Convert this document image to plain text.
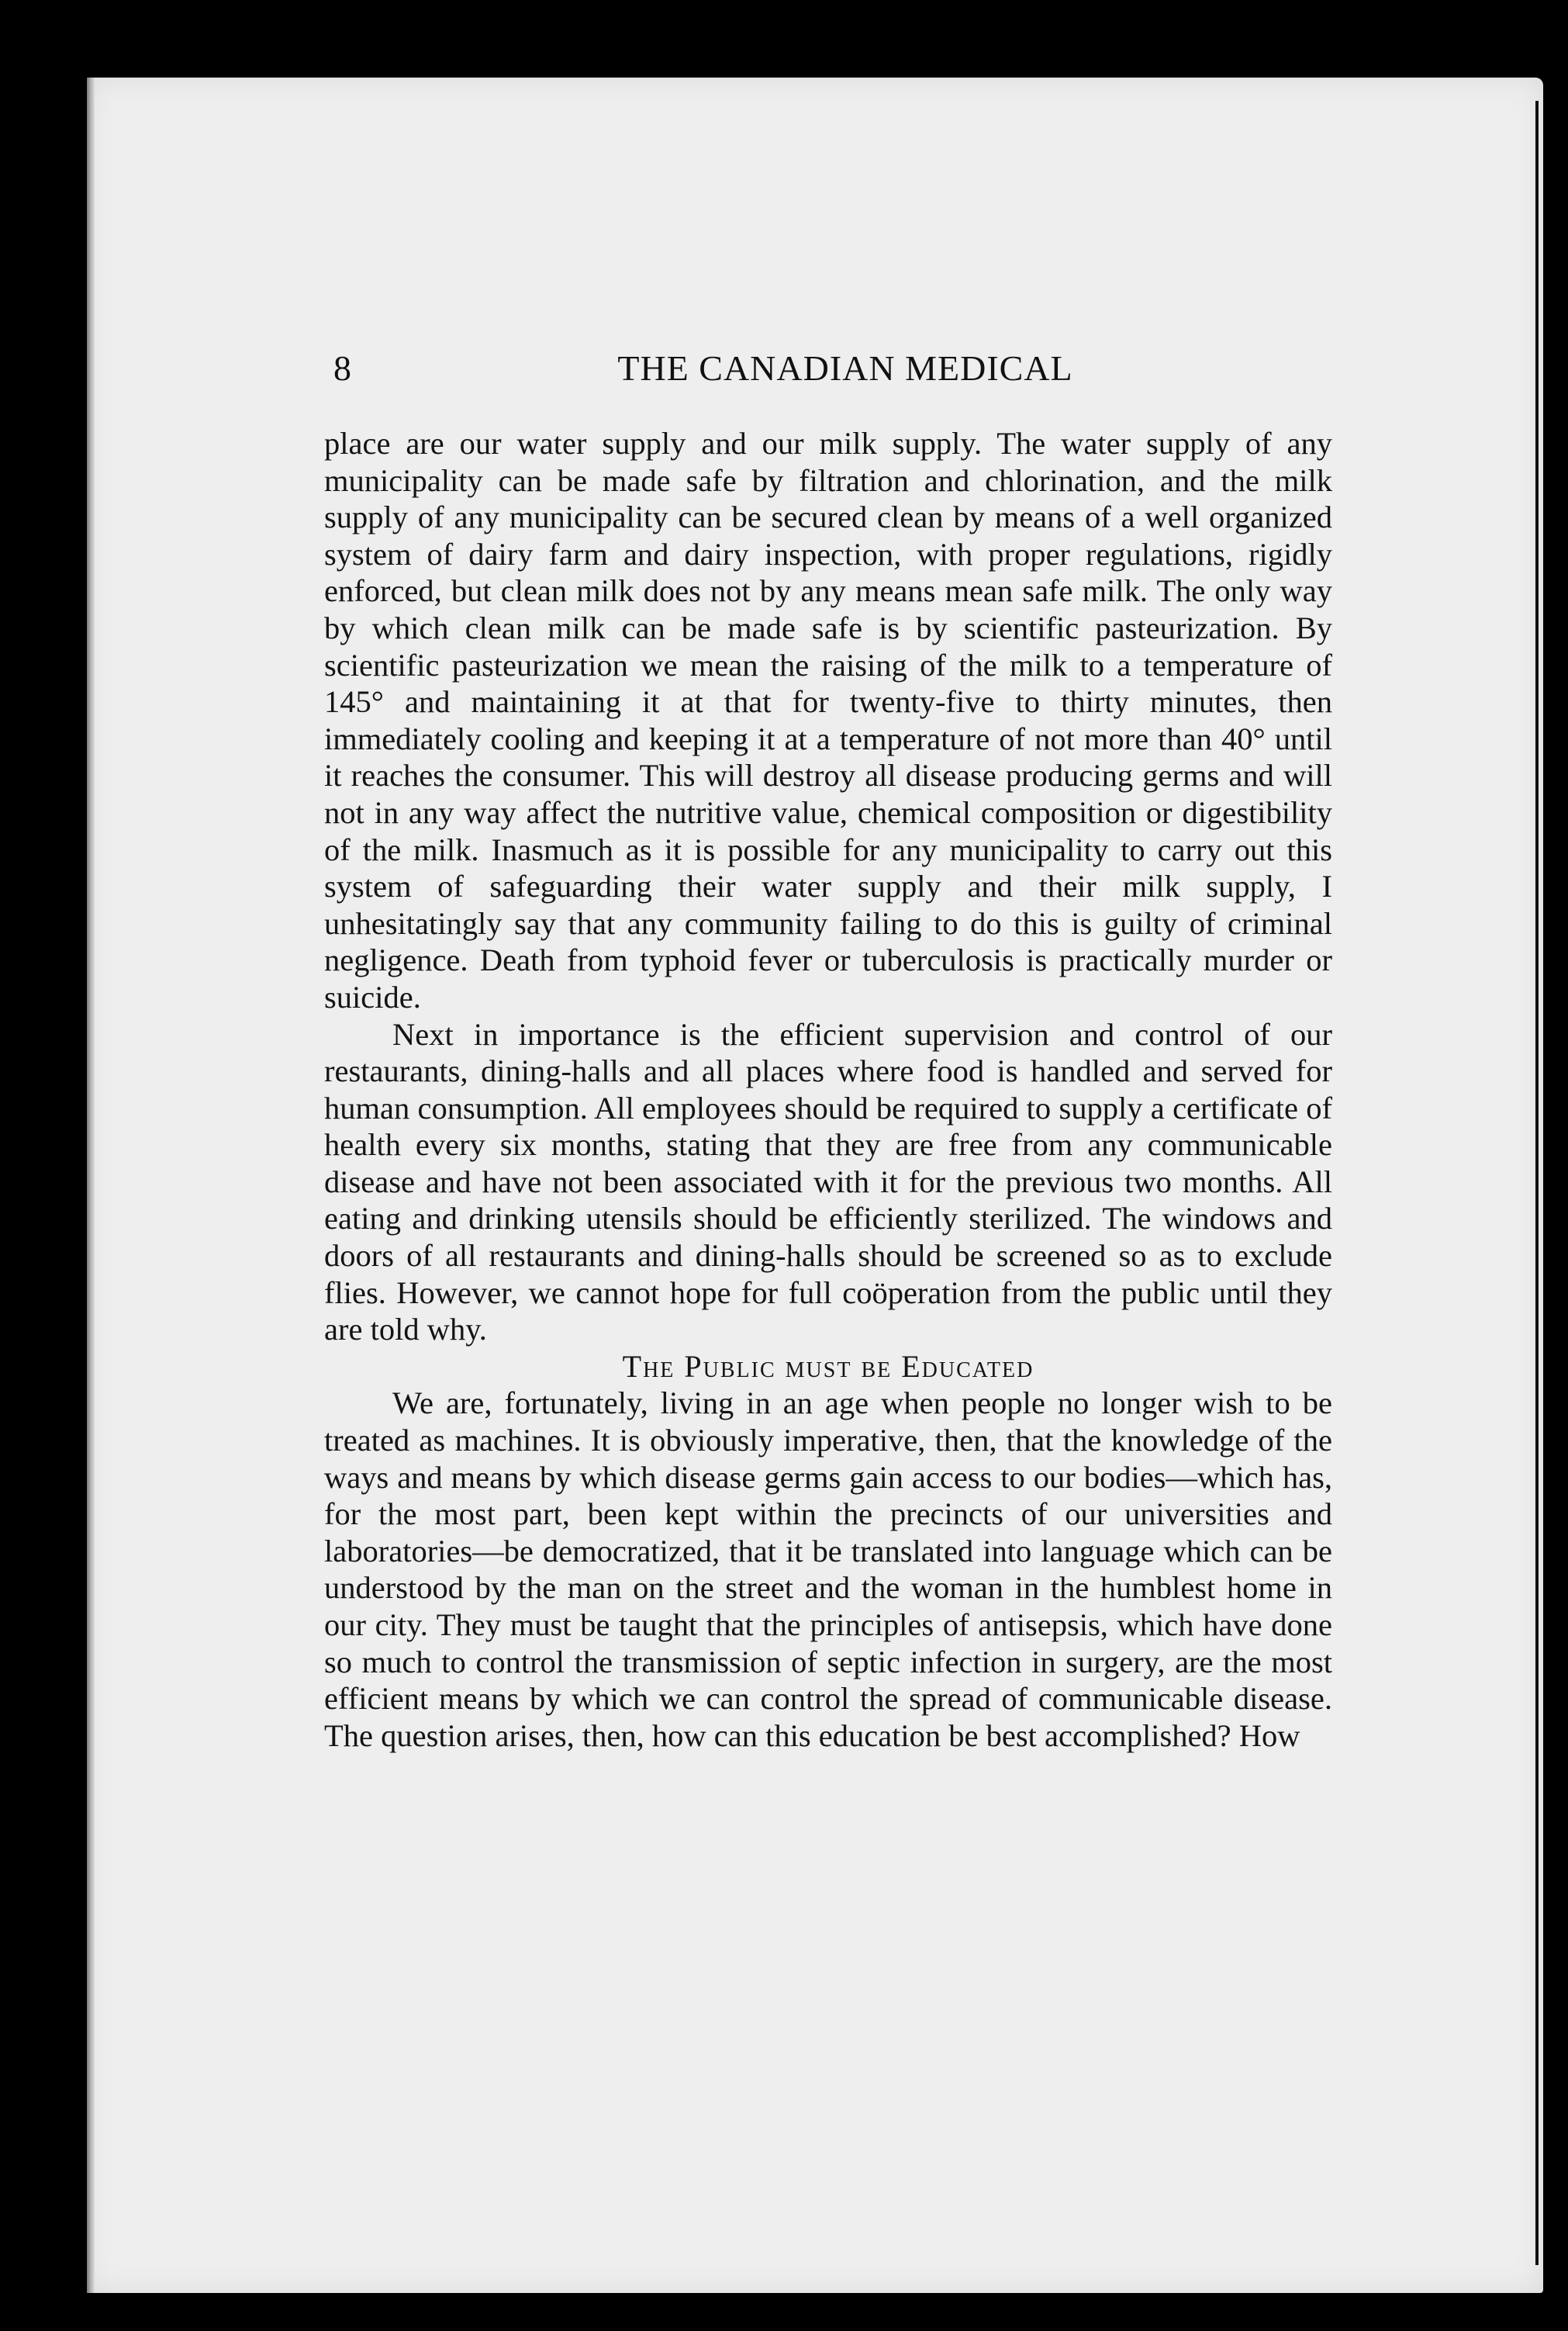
8	THE CANADIAN MEDICAL

place are our water supply and our milk supply. The water supply of any municipality can be made safe by filtration and chlorination, and the milk supply of any municipality can be secured clean by means of a well organized system of dairy farm and dairy inspection, with proper regulations, rigidly enforced, but clean milk does not by any means mean safe milk. The only way by which clean milk can be made safe is by scientific pasteurization. By scientific pasteurization we mean the raising of the milk to a temperature of 145° and maintaining it at that for twenty-five to thirty minutes, then immediately cooling and keeping it at a temperature of not more than 40° until it reaches the consumer. This will destroy all disease producing germs and will not in any way affect the nutritive value, chemical composition or digestibility of the milk. Inasmuch as it is possible for any municipality to carry out this system of safeguarding their water supply and their milk supply, I unhesitatingly say that any community failing to do this is guilty of criminal negligence. Death from typhoid fever or tuberculosis is practically murder or suicide.

Next in importance is the efficient supervision and control of our restaurants, dining-halls and all places where food is handled and served for human consumption. All employees should be required to supply a certificate of health every six months, stating that they are free from any communicable disease and have not been associated with it for the previous two months. All eating and drinking utensils should be efficiently sterilized. The windows and doors of all restaurants and dining-halls should be screened so as to exclude flies. However, we cannot hope for full coöperation from the public until they are told why.

The Public must be Educated

We are, fortunately, living in an age when people no longer wish to be treated as machines. It is obviously imperative, then, that the knowledge of the ways and means by which disease germs gain access to our bodies—which has, for the most part, been kept within the precincts of our universities and laboratories—be democratized, that it be translated into language which can be understood by the man on the street and the woman in the humblest home in our city. They must be taught that the principles of antisepsis, which have done so much to control the transmission of septic infection in surgery, are the most efficient means by which we can control the spread of communicable disease. The question arises, then, how can this education be best accomplished? How
